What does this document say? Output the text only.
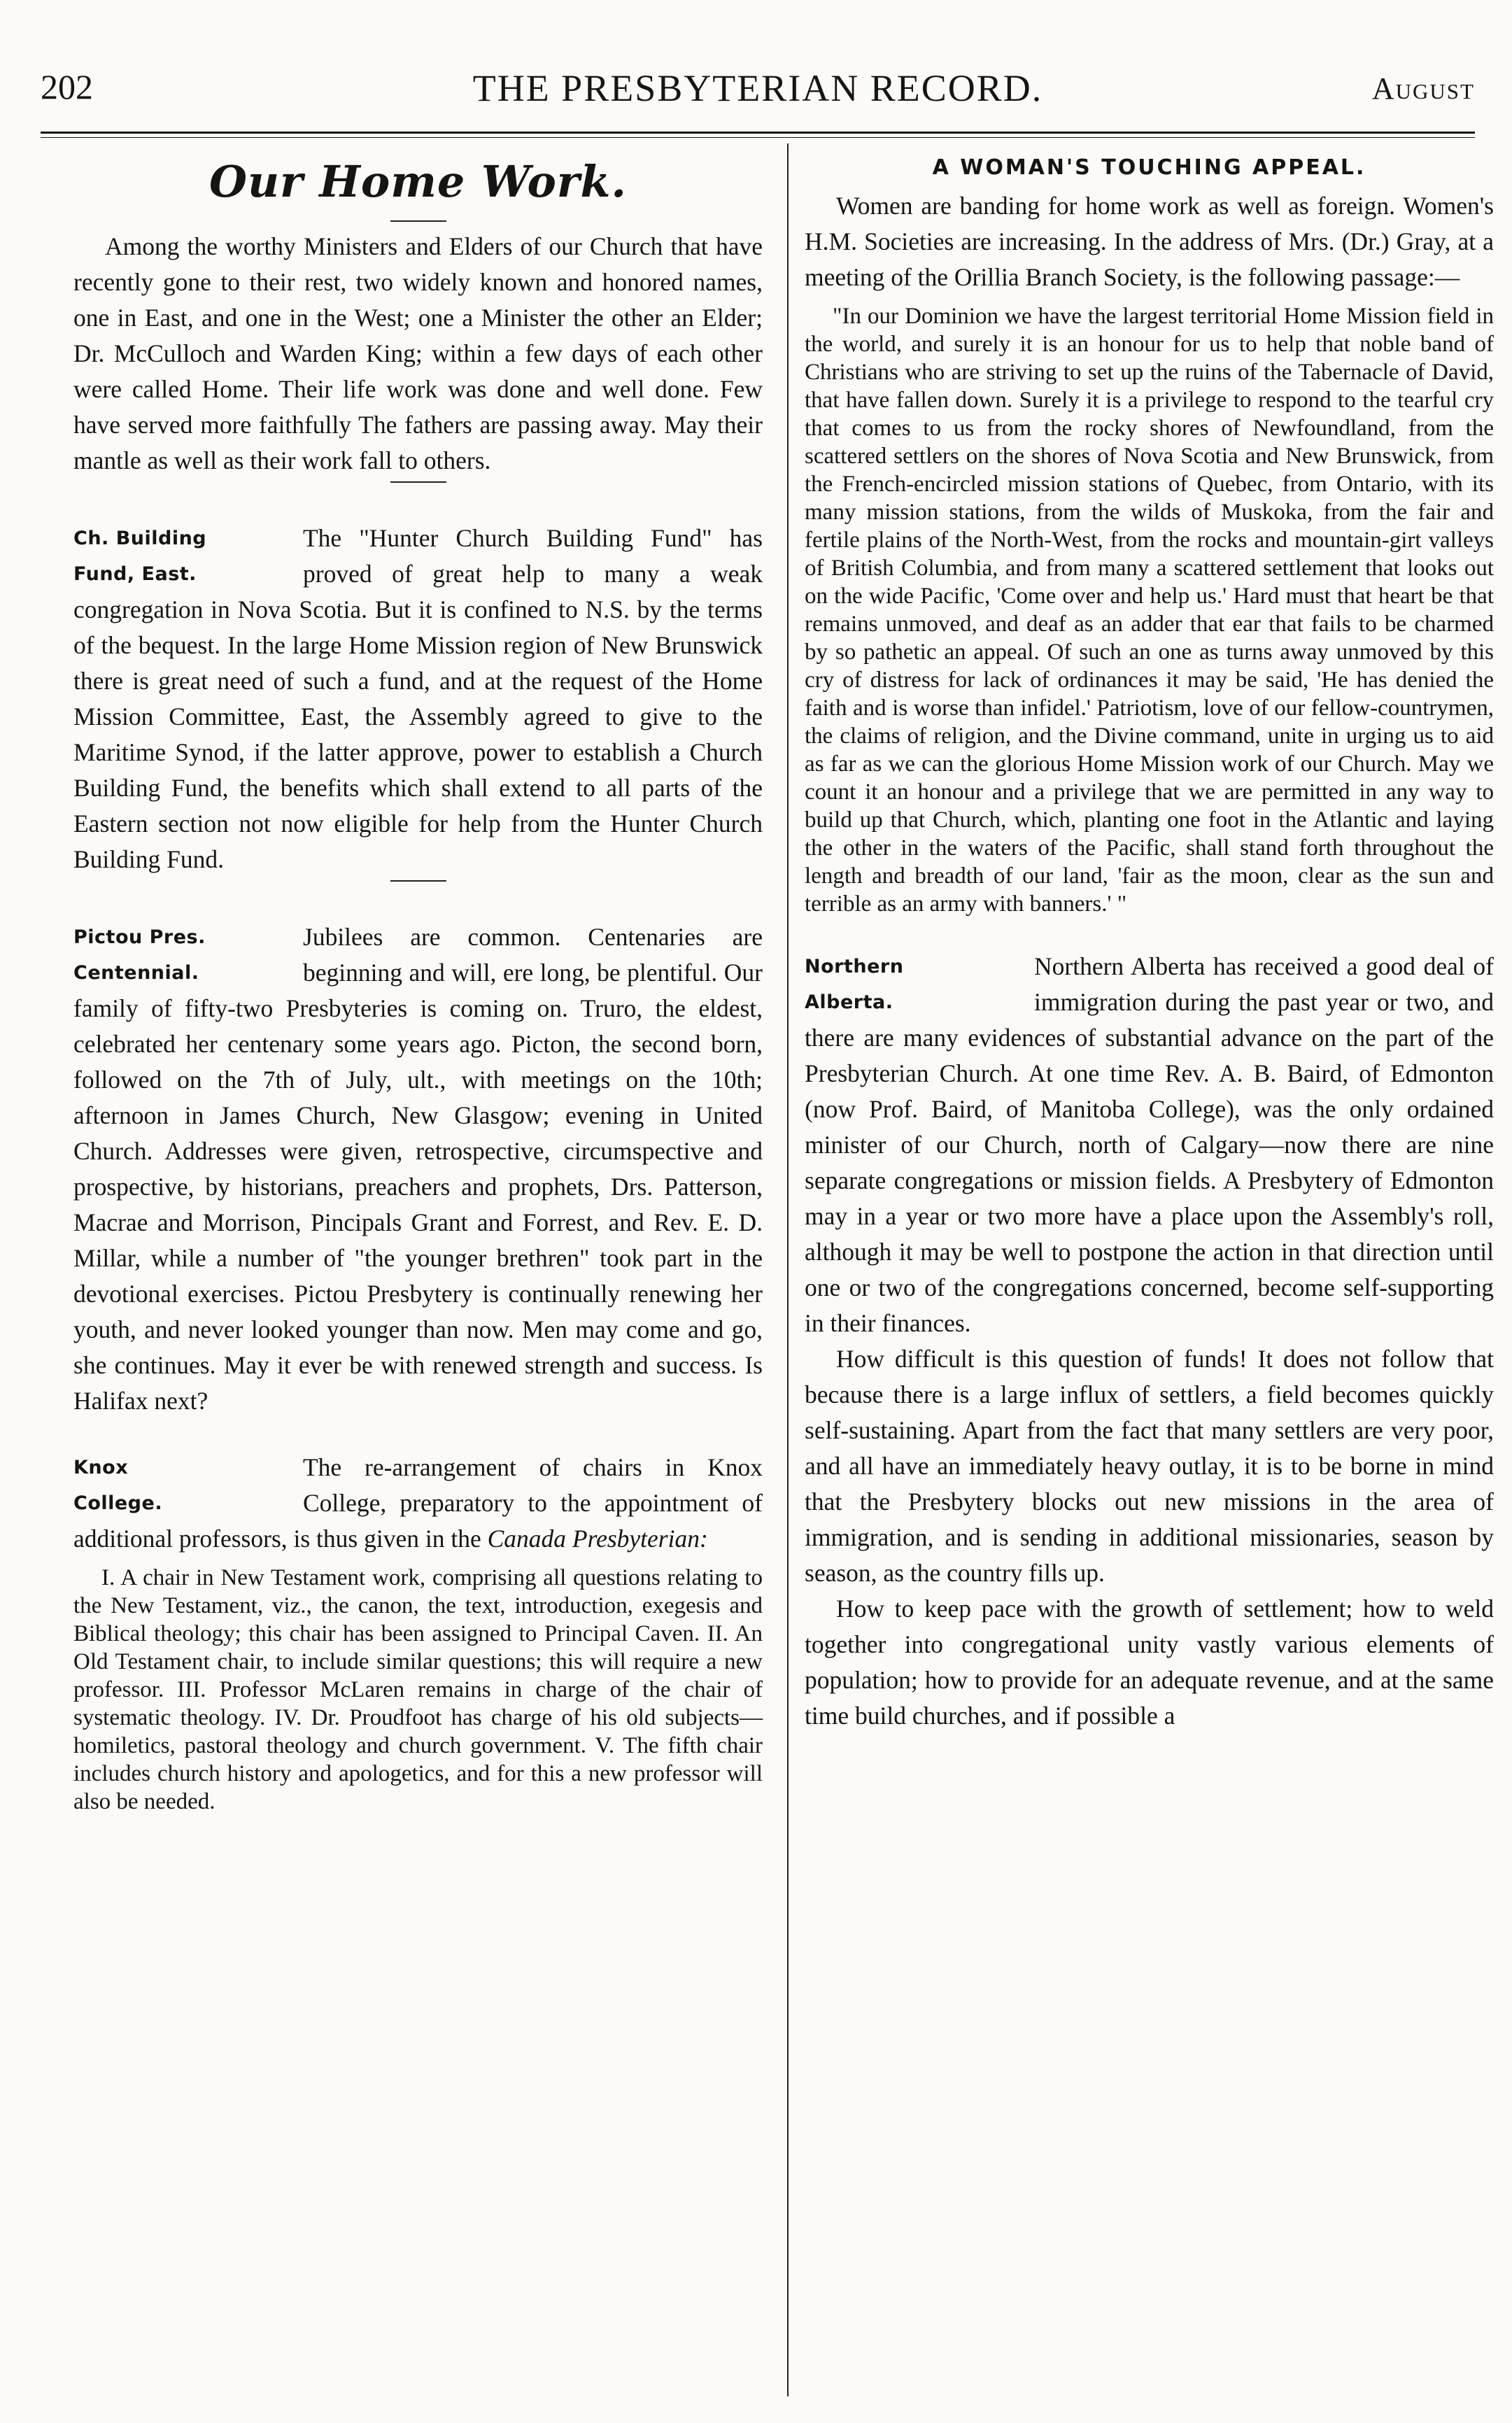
202	THE PRESBYTERIAN RECORD.	August
Our Home Work.

Among the worthy Ministers and Elders of our Church that have recently gone to their rest, two widely known and honored names, one in East, and one in the West; one a Minister the other an Elder; Dr. McCulloch and Warden King; within a few days of each other were called Home. Their life work was done and well done. Few have served more faithfully The fathers are passing away. May their mantle as well as their work fall to others.

Ch. Building
Fund, East.

The "Hunter Church Building Fund" has proved of great help to many a weak congregation in Nova Scotia. But it is confined to N.S. by the terms of the bequest. In the large Home Mission region of New Brunswick there is great need of such a fund, and at the request of the Home Mission Committee, East, the Assembly agreed to give to the Maritime Synod, if the latter approve, power to establish a Church Building Fund, the benefits which shall extend to all parts of the Eastern section not now eligible for help from the Hunter Church Building Fund.

Pictou Pres.
Centennial.

Jubilees are common. Centenaries are beginning and will, ere long, be plentiful. Our family of fifty-two Presbyteries is coming on. Truro, the eldest, celebrated her centenary some years ago. Picton, the second born, followed on the 7th of July, ult., with meetings on the 10th; afternoon in James Church, New Glasgow; evening in United Church. Addresses were given, retrospective, circumspective and prospective, by historians, preachers and prophets, Drs. Patterson, Macrae and Morrison, Pincipals Grant and Forrest, and Rev. E. D. Millar, while a number of "the younger brethren" took part in the devotional exercises. Pictou Presbytery is continually renewing her youth, and never looked younger than now. Men may come and go, she continues. May it ever be with renewed strength and success. Is Halifax next?

Knox
College.

The re-arrangement of chairs in Knox College, preparatory to the appointment of additional professors, is thus given in the Canada Presbyterian:

I. A chair in New Testament work, comprising all questions relating to the New Testament, viz., the canon, the text, introduction, exegesis and Biblical theology; this chair has been assigned to Principal Caven. II. An Old Testament chair, to include similar questions; this will require a new professor. III. Professor McLaren remains in charge of the chair of systematic theology. IV. Dr. Proudfoot has charge of his old subjects—homiletics, pastoral theology and church government. V. The fifth chair includes church history and apologetics, and for this a new professor will also be needed.

A WOMAN'S TOUCHING APPEAL.

Women are banding for home work as well as foreign. Women's H.M. Societies are increasing. In the address of Mrs. (Dr.) Gray, at a meeting of the Orillia Branch Society, is the following passage:—

"In our Dominion we have the largest territorial Home Mission field in the world, and surely it is an honour for us to help that noble band of Christians who are striving to set up the ruins of the Tabernacle of David, that have fallen down. Surely it is a privilege to respond to the tearful cry that comes to us from the rocky shores of Newfoundland, from the scattered settlers on the shores of Nova Scotia and New Brunswick, from the French-encircled mission stations of Quebec, from Ontario, with its many mission stations, from the wilds of Muskoka, from the fair and fertile plains of the North-West, from the rocks and mountain-girt valleys of British Columbia, and from many a scattered settlement that looks out on the wide Pacific, 'Come over and help us.' Hard must that heart be that remains unmoved, and deaf as an adder that ear that fails to be charmed by so pathetic an appeal. Of such an one as turns away unmoved by this cry of distress for lack of ordinances it may be said, 'He has denied the faith and is worse than infidel.' Patriotism, love of our fellow-countrymen, the claims of religion, and the Divine command, unite in urging us to aid as far as we can the glorious Home Mission work of our Church. May we count it an honour and a privilege that we are permitted in any way to build up that Church, which, planting one foot in the Atlantic and laying the other in the waters of the Pacific, shall stand forth throughout the length and breadth of our land, 'fair as the moon, clear as the sun and terrible as an army with banners.' "

Northern
Alberta.

Northern Alberta has received a good deal of immigration during the past year or two, and there are many evidences of substantial advance on the part of the Presbyterian Church. At one time Rev. A. B. Baird, of Edmonton (now Prof. Baird, of Manitoba College), was the only ordained minister of our Church, north of Calgary—now there are nine separate congregations or mission fields. A Presbytery of Edmonton may in a year or two more have a place upon the Assembly's roll, although it may be well to postpone the action in that direction until one or two of the congregations concerned, become self-supporting in their finances.

How difficult is this question of funds! It does not follow that because there is a large influx of settlers, a field becomes quickly self-sustaining. Apart from the fact that many settlers are very poor, and all have an immediately heavy outlay, it is to be borne in mind that the Presbytery blocks out new missions in the area of immigration, and is sending in additional missionaries, season by season, as the country fills up.

How to keep pace with the growth of settlement; how to weld together into congregational unity vastly various elements of population; how to provide for an adequate revenue, and at the same time build churches, and if possible a
